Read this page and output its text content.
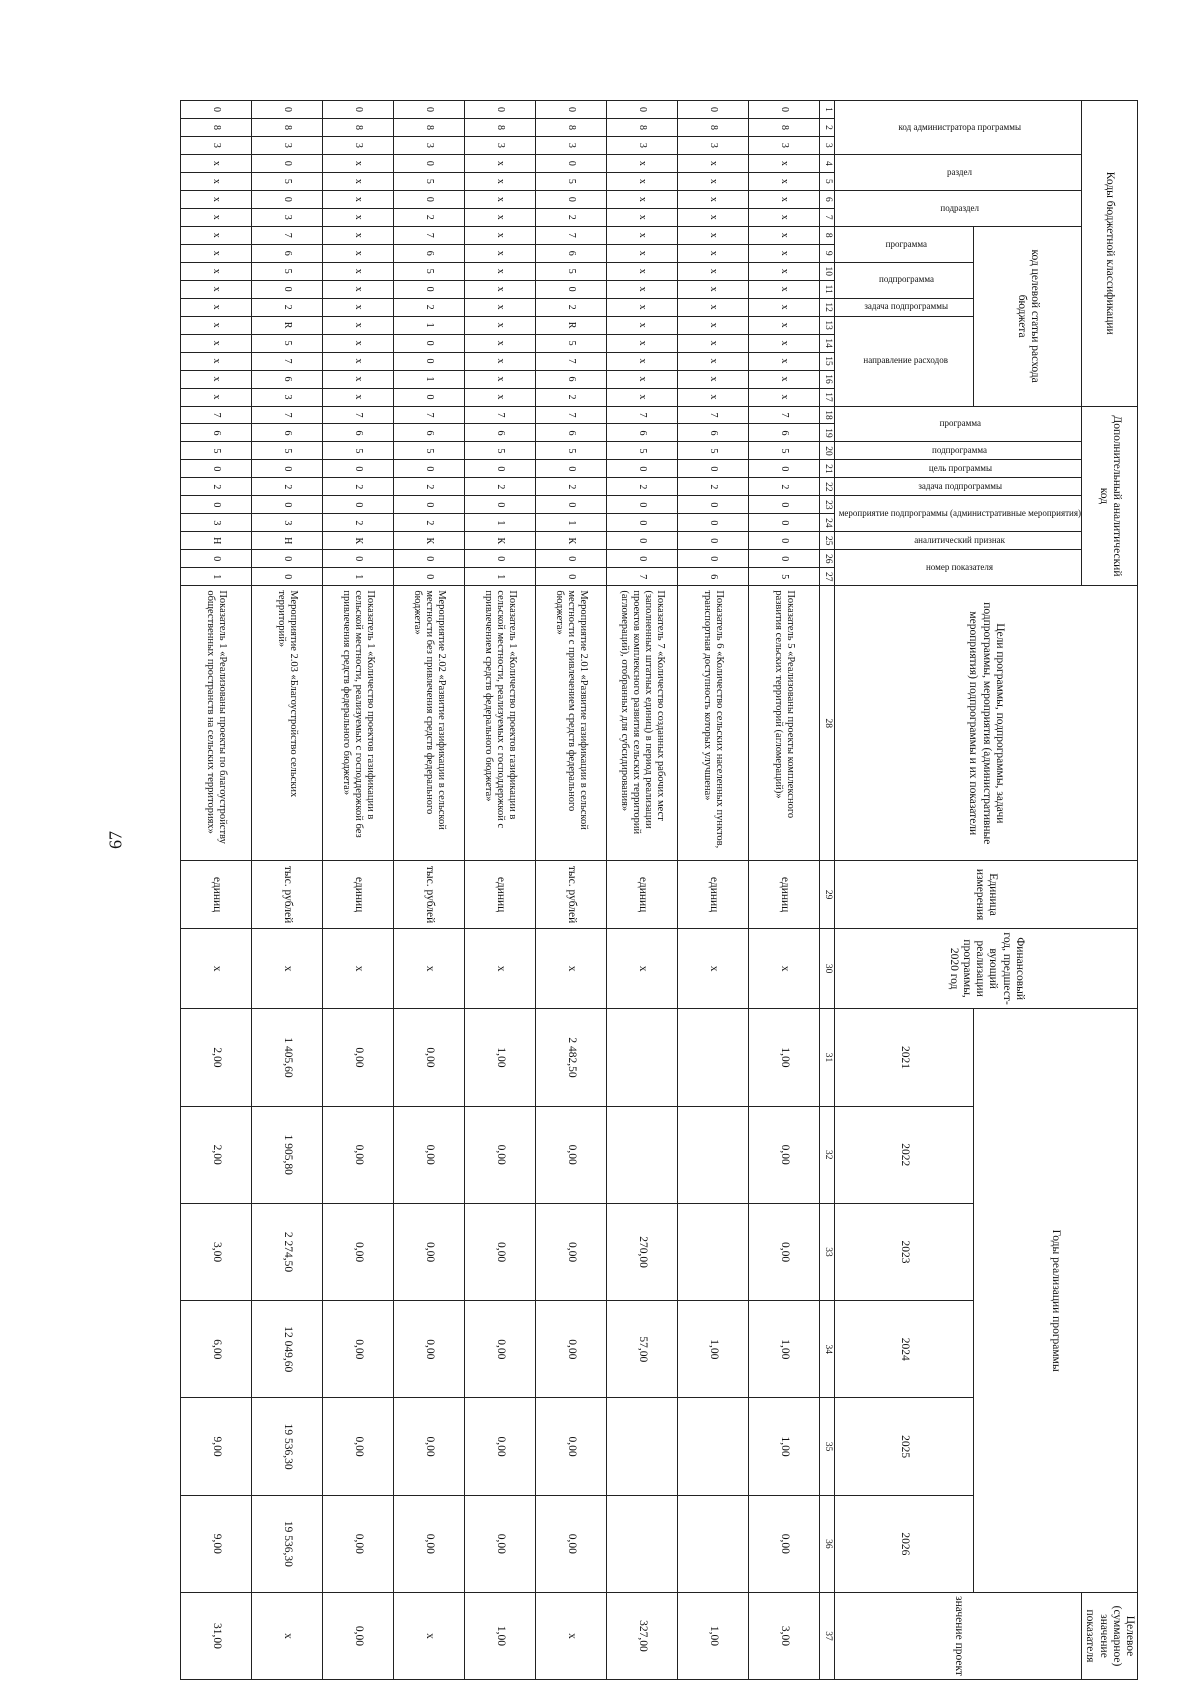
67
Коды бюджетной классификации																	Дополнительный аналитический код										Цели программы, подпрограммы, задачи подпрограммы, мероприятия (административные мероприятия) подпрограммы и их показатели	Единица измерения	Финансовый год, предшест-вующий реализации программы, 2020 год	Годы реализации программы						Целевое (суммарное) значение показателя
код администратора программы			раздел		подраздел		код целевой статьи расхода бюджета										программа		подпрограмма	цель программы	задача подпрограммы	мероприятие подпрограммы (административные мероприятия)		аналитический признак	номер показателя											значение проект
							программа		подпрограмма		задача подпрограммы	направление расходов																		2021	2022	2023	2024	2025	2026	
1	2	3	4	5	6	7	8	9	10	11	12	13	14	15	16	17	18	19	20	21	22	23	24	25	26	27	28	29	30	31	32	33	34	35	36	37
0	8	3	х	х	х	х	х	х	х	х	х	х	х	х	х	х	7	6	5	0	2	0	0	0	0	5	Показатель 5 «Реализованы проекты комплексного развития сельских территорий (агломераций)»	единиц	х	1,00	0,00	0,00	1,00	1,00	0,00	3,00
0	8	3	х	х	х	х	х	х	х	х	х	х	х	х	х	х	7	6	5	0	2	0	0	0	0	6	Показатель 6 «Количество сельских населенных пунктов, транспортная доступность которых улучшена»	единиц	х				1,00			1,00
0	8	3	х	х	х	х	х	х	х	х	х	х	х	х	х	х	7	6	5	0	2	0	0	0	0	7	Показатель 7 «Количество созданных рабочих мест (заполненных штатных единиц) в период реализации проектов комплексного развития сельских территорий (агломераций), отобранных для субсидирования»	единиц	х			270,00	57,00			327,00
0	8	3	0	5	0	2	7	6	5	0	2	R	5	7	6	2	7	6	5	0	2	0	1	К	0	0	Мероприятие 2.01 «Развитие газификации в сельской местности с привлечением средств федерального бюджета»	тыс. рублей	х	2 482,50	0,00	0,00	0,00	0,00	0,00	х
0	8	3	х	х	х	х	х	х	х	х	х	х	х	х	х	х	7	6	5	0	2	0	1	К	0	1	Показатель 1 «Количество проектов газификации в сельской местности, реализуемых с господдержкой с привлечением средств федерального бюджета»	единиц	х	1,00	0,00	0,00	0,00	0,00	0,00	1,00
0	8	3	0	5	0	2	7	6	5	0	2	1	0	0	1	0	7	6	5	0	2	0	2	К	0	0	Мероприятие 2.02 «Развитие газификации в сельской местности без привлечения средств федерального бюджета»	тыс. рублей	х	0,00	0,00	0,00	0,00	0,00	0,00	х
0	8	3	х	х	х	х	х	х	х	х	х	х	х	х	х	х	7	6	5	0	2	0	2	К	0	1	Показатель 1 «Количество проектов газификации в сельской местности, реализуемых с господдержкой без привлечения средств федерального бюджета»	единиц	х	0,00	0,00	0,00	0,00	0,00	0,00	0,00
0	8	3	0	5	0	3	7	6	5	0	2	R	5	7	6	3	7	6	5	0	2	0	3	Н	0	0	Мероприятие 2.03 «Благоустройство сельских территорий»	тыс. рублей	х	1 405,60	1 905,80	2 274,50	12 049,60	19 536,30	19 536,30	х
0	8	3	х	х	х	х	х	х	х	х	х	х	х	х	х	х	7	6	5	0	2	0	3	Н	0	1	Показатель 1 «Реализованы проекты по благоустройству общественных пространств на сельских территориях»	единиц	х	2,00	2,00	3,00	6,00	9,00	9,00	31,00
